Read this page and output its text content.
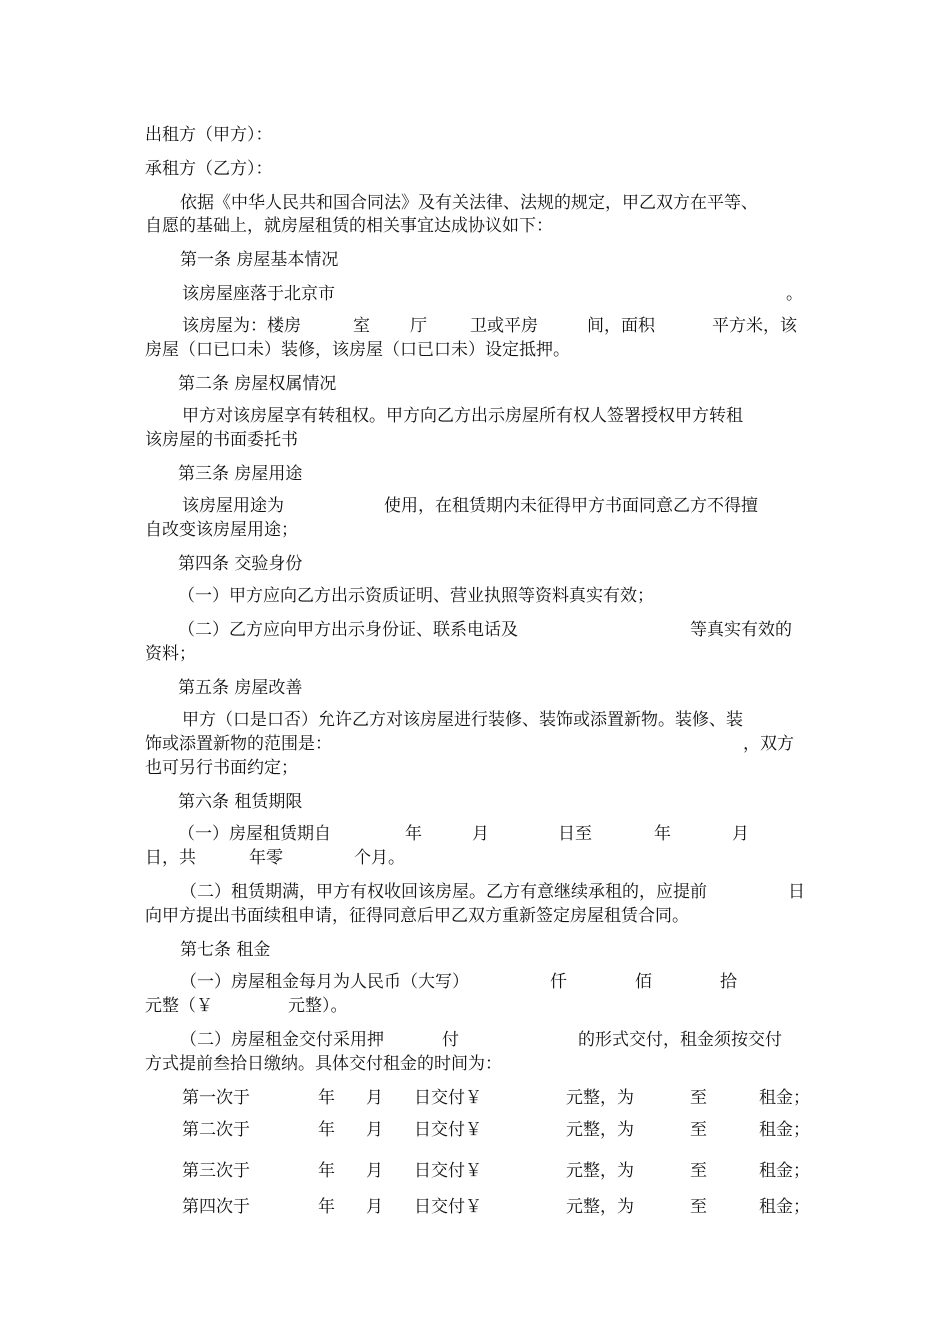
出租方（甲方）：
承租方（乙方）：
依据《中华人民共和国合同法》及有关法律、法规的规定，甲乙双方在平等、
自愿的基础上，就房屋租赁的相关事宜达成协议如下：
第一条 房屋基本情况
该房屋座落于北京市	。
该房屋为：楼房	室 厅	卫或平房	间，面积	平方米，该
房屋（口已口未）装修，该房屋（口已口未）设定抵押。
第二条 房屋权属情况
甲方对该房屋享有转租权。甲方向乙方出示房屋所有权人签署授权甲方转租
该房屋的书面委托书
第三条 房屋用途
该房屋用途为	使用，在租赁期内未征得甲方书面同意乙方不得擅
自改变该房屋用途；
第四条 交验身份
（一）甲方应向乙方出示资质证明、营业执照等资料真实有效；
（二）乙方应向甲方出示身份证、联系电话及	等真实有效的
资料；
第五条 房屋改善
甲方（口是口否）允许乙方对该房屋进行装修、装饰或添置新物。装修、装
饰或添置新物的范围是：	，双方
也可另行书面约定；
第六条 租赁期限
（一）房屋租赁期自	年	月	日至	年	月
日，共	年零	个月。
（二）租赁期满，甲方有权收回该房屋。乙方有意继续承租的，应提前	日
向甲方提出书面续租申请，征得同意后甲乙双方重新签定房屋租赁合同。
第七条 租金
（一）房屋租金每月为人民币（大写）	仟	佰	拾
元整（￥	元整）。
（二）房屋租金交付采用押	付	的形式交付，租金须按交付
方式提前叁拾日缴纳。具体交付租金的时间为：
第一次于	年 月 日交付￥	元整，为	至	租金；
第二次于	年 月 日交付￥	元整，为	至	租金；
第三次于	年 月 日交付￥	元整，为	至	租金；
第四次于	年 月 日交付￥	元整，为	至	租金；
